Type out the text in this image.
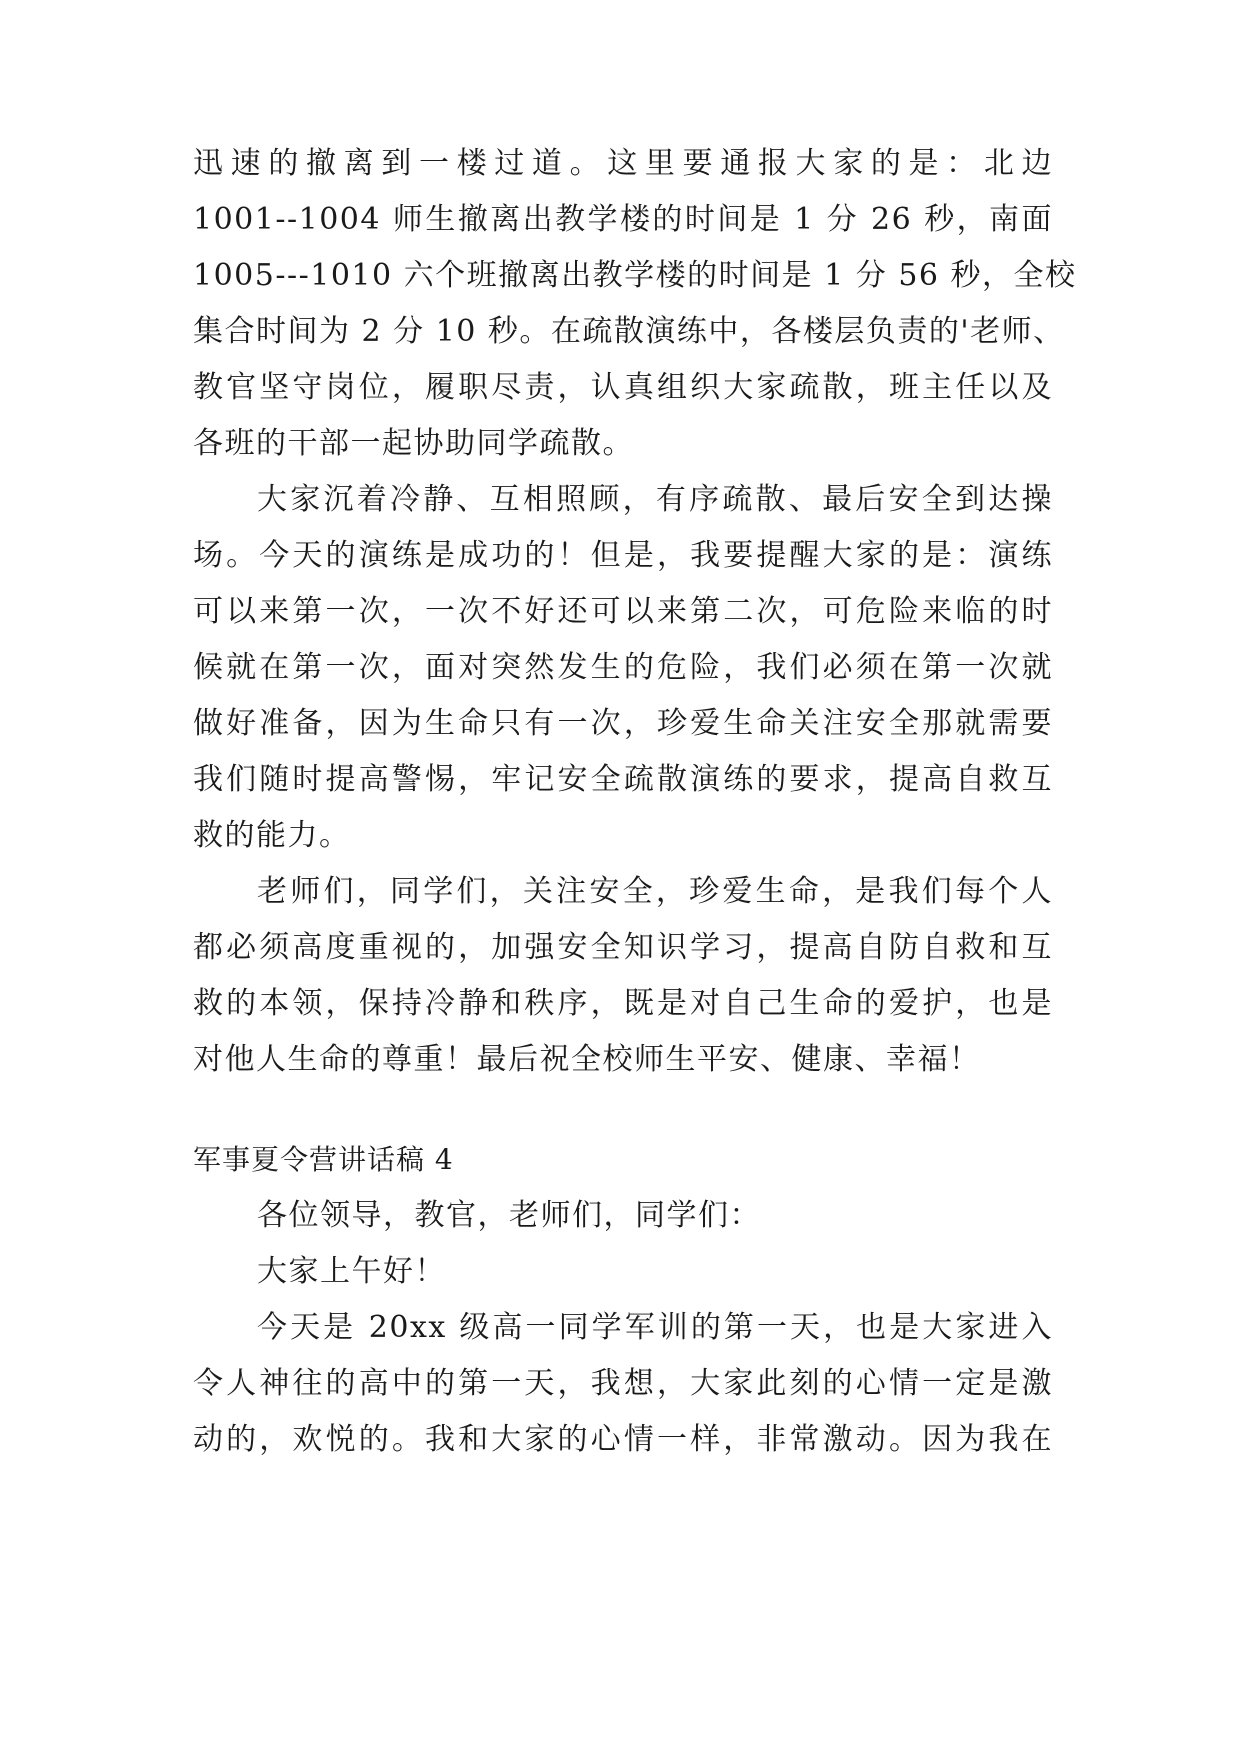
迅速的撤离到一楼过道。这里要通报大家的是：北边
1001--1004 师生撤离出教学楼的时间是 1 分 26 秒，南面
1005---1010 六个班撤离出教学楼的时间是 1 分 56 秒，全校
集合时间为 2 分 10 秒。在疏散演练中，各楼层负责的'老师、
教官坚守岗位，履职尽责，认真组织大家疏散，班主任以及
各班的干部一起协助同学疏散。
大家沉着冷静、互相照顾，有序疏散、最后安全到达操
场。今天的演练是成功的！但是，我要提醒大家的是：演练
可以来第一次，一次不好还可以来第二次，可危险来临的时
候就在第一次，面对突然发生的危险，我们必须在第一次就
做好准备，因为生命只有一次，珍爱生命关注安全那就需要
我们随时提高警惕，牢记安全疏散演练的要求，提高自救互
救的能力。
老师们，同学们，关注安全，珍爱生命，是我们每个人
都必须高度重视的，加强安全知识学习，提高自防自救和互
救的本领，保持冷静和秩序，既是对自己生命的爱护，也是
对他人生命的尊重！最后祝全校师生平安、健康、幸福！
军事夏令营讲话稿 4
各位领导，教官，老师们，同学们：
大家上午好！
今天是 20xx 级高一同学军训的第一天，也是大家进入
令人神往的高中的第一天，我想，大家此刻的心情一定是激
动的，欢悦的。我和大家的心情一样，非常激动。因为我在
